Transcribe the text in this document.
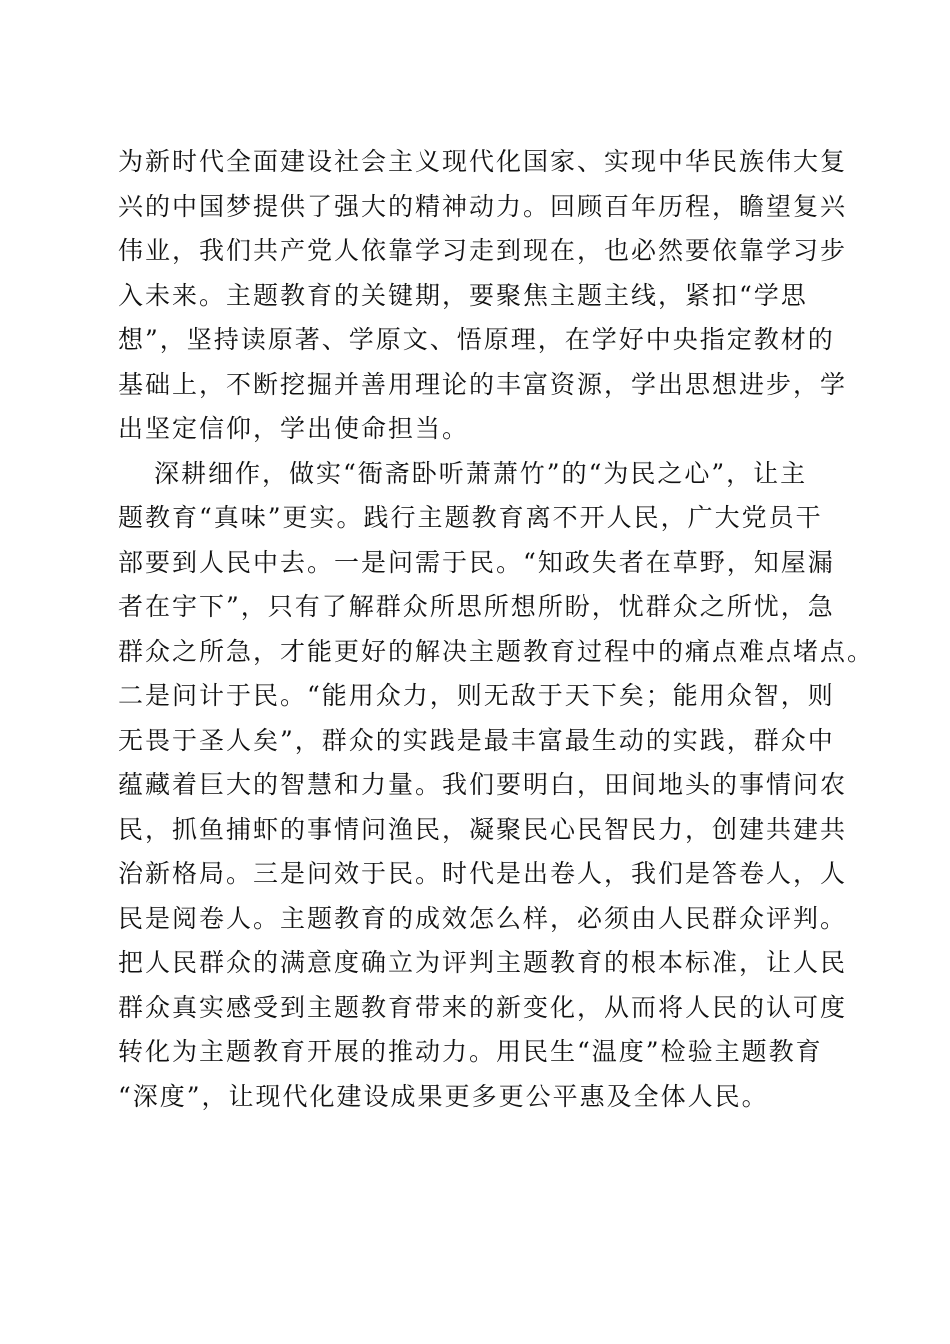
为新时代全面建设社会主义现代化国家、实现中华民族伟大复
兴的中国梦提供了强大的精神动力。回顾百年历程，瞻望复兴
伟业，我们共产党人依靠学习走到现在，也必然要依靠学习步
入未来。主题教育的关键期，要聚焦主题主线，紧扣“学思
想”，坚持读原著、学原文、悟原理，在学好中央指定教材的
基础上，不断挖掘并善用理论的丰富资源，学出思想进步，学
出坚定信仰，学出使命担当。
深耕细作，做实“衙斋卧听萧萧竹”的“为民之心”，让主
题教育“真味”更实。践行主题教育离不开人民，广大党员干
部要到人民中去。一是问需于民。“知政失者在草野，知屋漏
者在宇下”，只有了解群众所思所想所盼，忧群众之所忧，急
群众之所急，才能更好的解决主题教育过程中的痛点难点堵点。
二是问计于民。“能用众力，则无敌于天下矣；能用众智，则
无畏于圣人矣”，群众的实践是最丰富最生动的实践，群众中
蕴藏着巨大的智慧和力量。我们要明白，田间地头的事情问农
民，抓鱼捕虾的事情问渔民，凝聚民心民智民力，创建共建共
治新格局。三是问效于民。时代是出卷人，我们是答卷人，人
民是阅卷人。主题教育的成效怎么样，必须由人民群众评判。
把人民群众的满意度确立为评判主题教育的根本标准，让人民
群众真实感受到主题教育带来的新变化，从而将人民的认可度
转化为主题教育开展的推动力。用民生“温度”检验主题教育
“深度”，让现代化建设成果更多更公平惠及全体人民。
